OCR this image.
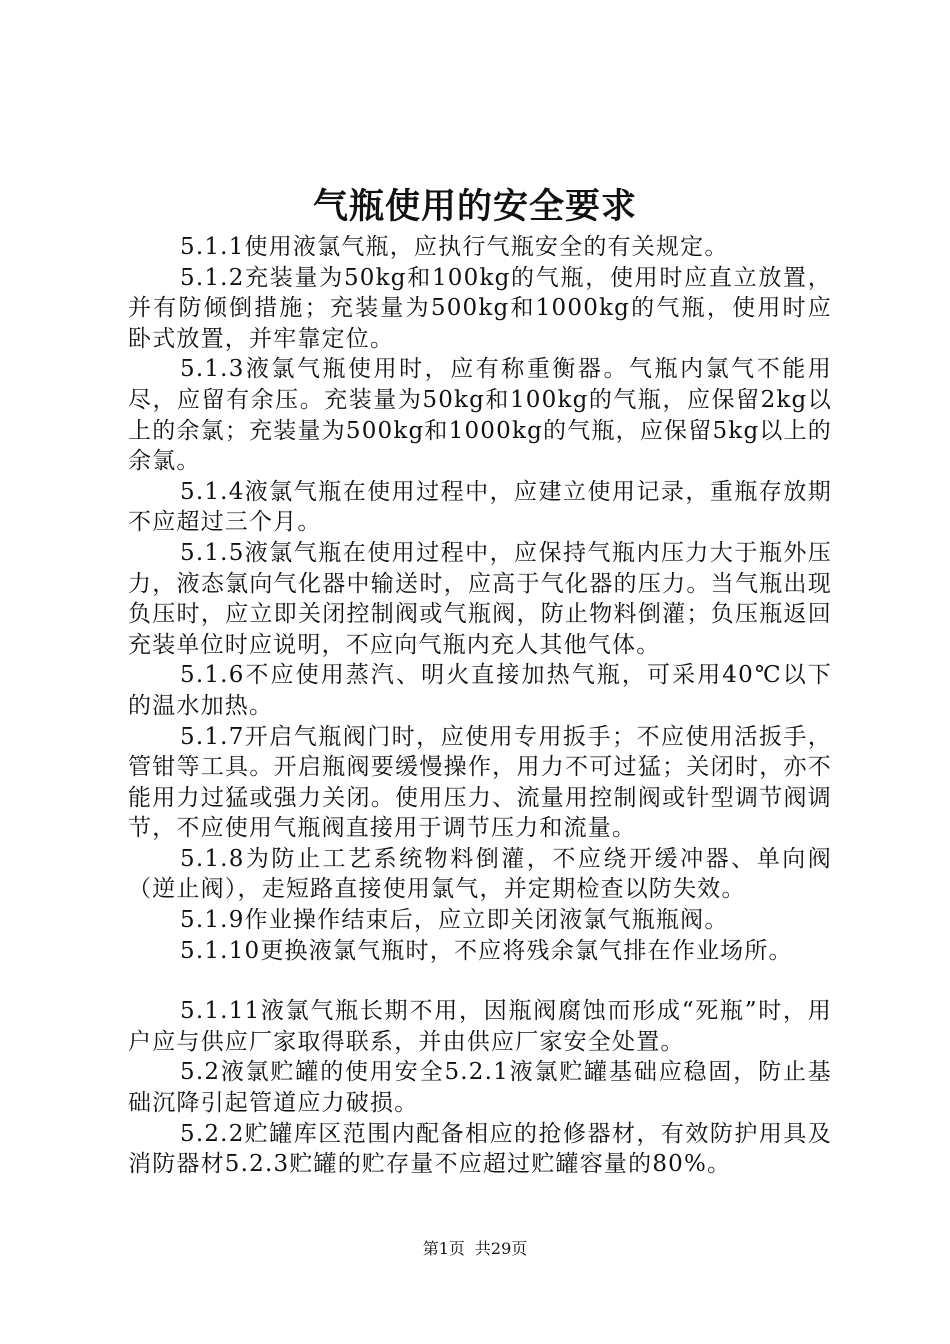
气瓶使用的安全要求

5.1.1使用液氯气瓶，应执行气瓶安全的有关规定。

5.1.2充装量为50kg和100kg的气瓶，使用时应直立放置，并有防倾倒措施；充装量为500kg和1000kg的气瓶，使用时应卧式放置，并牢靠定位。

5.1.3液氯气瓶使用时，应有称重衡器。气瓶内氯气不能用尽，应留有余压。充装量为50kg和100kg的气瓶，应保留2kg以上的余氯；充装量为500kg和1000kg的气瓶，应保留5kg以上的余氯。

5.1.4液氯气瓶在使用过程中，应建立使用记录，重瓶存放期不应超过三个月。

5.1.5液氯气瓶在使用过程中，应保持气瓶内压力大于瓶外压力，液态氯向气化器中输送时，应高于气化器的压力。当气瓶出现负压时，应立即关闭控制阀或气瓶阀，防止物料倒灌；负压瓶返回充装单位时应说明，不应向气瓶内充人其他气体。

5.1.6不应使用蒸汽、明火直接加热气瓶，可采用40℃以下的温水加热。

5.1.7开启气瓶阀门时，应使用专用扳手；不应使用活扳手，管钳等工具。开启瓶阀要缓慢操作，用力不可过猛；关闭时，亦不能用力过猛或强力关闭。使用压力、流量用控制阀或针型调节阀调节，不应使用气瓶阀直接用于调节压力和流量。

5.1.8为防止工艺系统物料倒灌，不应绕开缓冲器、单向阀（逆止阀），走短路直接使用氯气，并定期检查以防失效。

5.1.9作业操作结束后，应立即关闭液氯气瓶瓶阀。

5.1.10更换液氯气瓶时，不应将残余氯气排在作业场所。

5.1.11液氯气瓶长期不用，因瓶阀腐蚀而形成“死瓶”时，用户应与供应厂家取得联系，并由供应厂家安全处置。

5.2液氯贮罐的使用安全5.2.1液氯贮罐基础应稳固，防止基础沉降引起管道应力破损。

5.2.2贮罐库区范围内配备相应的抢修器材，有效防护用具及消防器材5.2.3贮罐的贮存量不应超过贮罐容量的80%。

第1页 共29页
